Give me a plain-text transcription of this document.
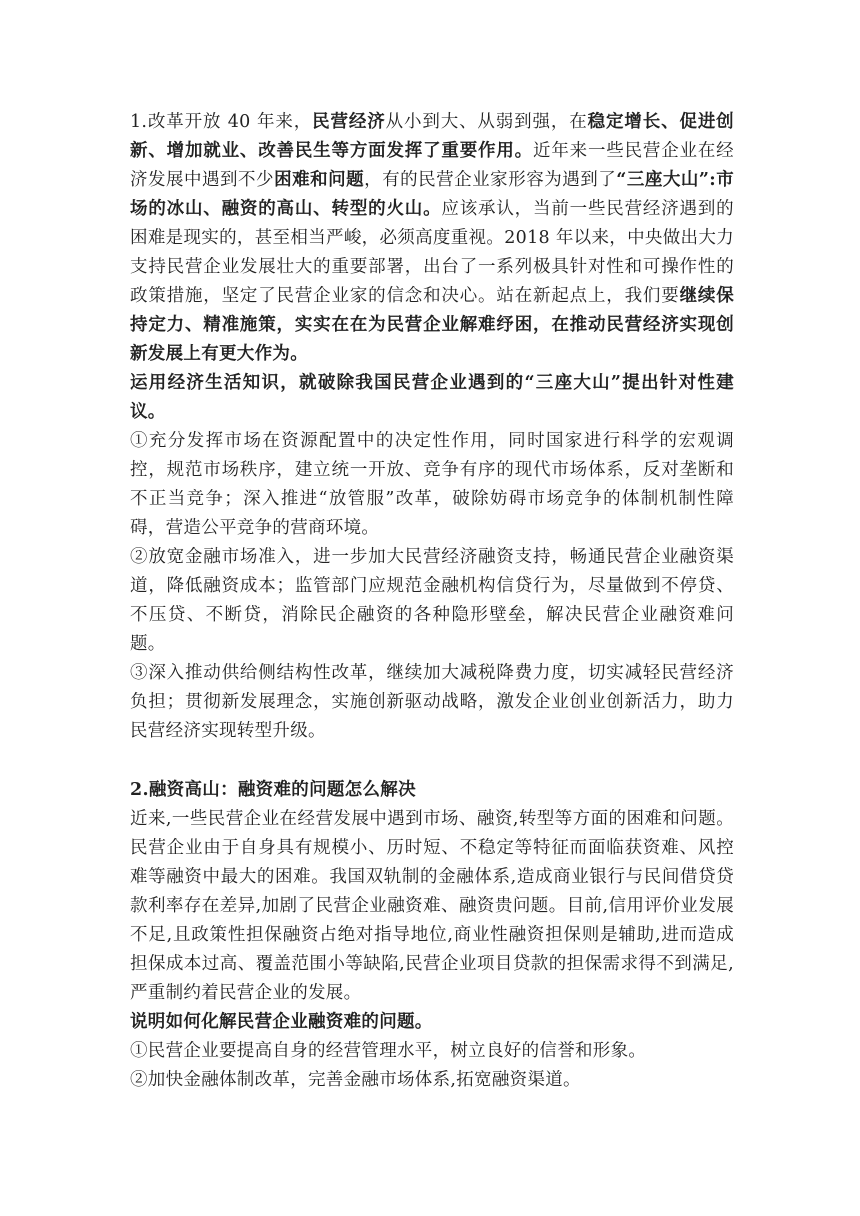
1.改革开放 40 年来，民营经济从小到大、从弱到强，在稳定增长、促进创新、增加就业、改善民生等方面发挥了重要作用。近年来一些民营企业在经济发展中遇到不少困难和问题，有的民营企业家形容为遇到了“三座大山”:市场的冰山、融资的高山、转型的火山。应该承认，当前一些民营经济遇到的困难是现实的，甚至相当严峻，必须高度重视。2018 年以来，中央做出大力支持民营企业发展壮大的重要部署，出台了一系列极具针对性和可操作性的政策措施，坚定了民营企业家的信念和决心。站在新起点上，我们要继续保持定力、精准施策，实实在在为民营企业解难纾困，在推动民营经济实现创新发展上有更大作为。

运用经济生活知识，就破除我国民营企业遇到的“三座大山”提出针对性建议。

①充分发挥市场在资源配置中的决定性作用，同时国家进行科学的宏观调控，规范市场秩序，建立统一开放、竞争有序的现代市场体系，反对垄断和不正当竞争；深入推进“放管服”改革，破除妨碍市场竞争的体制机制性障碍，营造公平竞争的营商环境。

②放宽金融市场准入，进一步加大民营经济融资支持，畅通民营企业融资渠道，降低融资成本；监管部门应规范金融机构信贷行为，尽量做到不停贷、不压贷、不断贷，消除民企融资的各种隐形壁垒，解决民营企业融资难问题。

③深入推动供给侧结构性改革，继续加大减税降费力度，切实减轻民营经济负担；贯彻新发展理念，实施创新驱动战略，激发企业创业创新活力，助力民营经济实现转型升级。

2.融资高山：融资难的问题怎么解决

近来,一些民营企业在经营发展中遇到市场、融资,转型等方面的困难和问题。民营企业由于自身具有规模小、历时短、不稳定等特征而面临获资难、风控难等融资中最大的困难。我国双轨制的金融体系,造成商业银行与民间借贷贷款利率存在差异,加剧了民营企业融资难、融资贵问题。目前,信用评价业发展不足,且政策性担保融资占绝对指导地位,商业性融资担保则是辅助,进而造成担保成本过高、覆盖范围小等缺陷,民营企业项目贷款的担保需求得不到满足,严重制约着民营企业的发展。

说明如何化解民营企业融资难的问题。

①民营企业要提高自身的经营管理水平，树立良好的信誉和形象。

②加快金融体制改革，完善金融市场体系,拓宽融资渠道。
